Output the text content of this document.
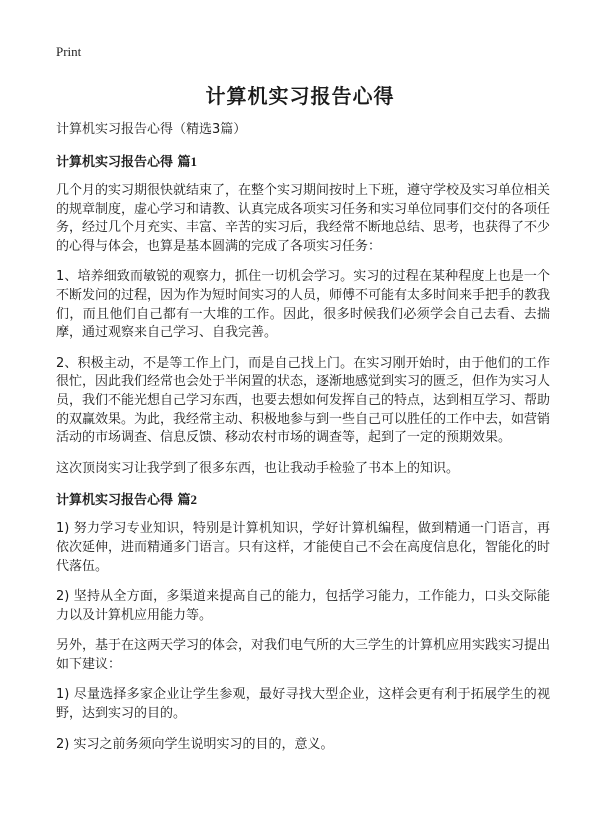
Print
计算机实习报告心得

计算机实习报告心得（精选3篇）

计算机实习报告心得 篇1

几个月的实习期很快就结束了，在整个实习期间按时上下班，遵守学校及实习单位相关的规章制度，虚心学习和请教、认真完成各项实习任务和实习单位同事们交付的各项任务，经过几个月充实、丰富、辛苦的实习后，我经常不断地总结、思考，也获得了不少的心得与体会，也算是基本圆满的完成了各项实习任务：

1、培养细致而敏锐的观察力，抓住一切机会学习。实习的过程在某种程度上也是一个不断发问的过程，因为作为短时间实习的人员，师傅不可能有太多时间来手把手的教我们，而且他们自己都有一大堆的工作。因此，很多时候我们必须学会自己去看、去揣摩，通过观察来自己学习、自我完善。

2、积极主动，不是等工作上门，而是自己找上门。在实习刚开始时，由于他们的工作很忙，因此我们经常也会处于半闲置的状态，逐渐地感觉到实习的匮乏，但作为实习人员，我们不能光想自己学习东西，也要去想如何发挥自己的特点，达到相互学习、帮助的双赢效果。为此，我经常主动、积极地参与到一些自己可以胜任的工作中去，如营销活动的市场调查、信息反馈、移动农村市场的调查等，起到了一定的预期效果。

这次顶岗实习让我学到了很多东西，也让我动手检验了书本上的知识。

计算机实习报告心得 篇2

1) 努力学习专业知识，特别是计算机知识，学好计算机编程，做到精通一门语言，再依次延伸，进而精通多门语言。只有这样，才能使自己不会在高度信息化，智能化的时代落伍。

2) 坚持从全方面，多渠道来提高自己的能力，包括学习能力，工作能力，口头交际能力以及计算机应用能力等。

另外，基于在这两天学习的体会，对我们电气所的大三学生的计算机应用实践实习提出如下建议：

1) 尽量选择多家企业让学生参观，最好寻找大型企业，这样会更有利于拓展学生的视野，达到实习的目的。

2) 实习之前务须向学生说明实习的目的，意义。
